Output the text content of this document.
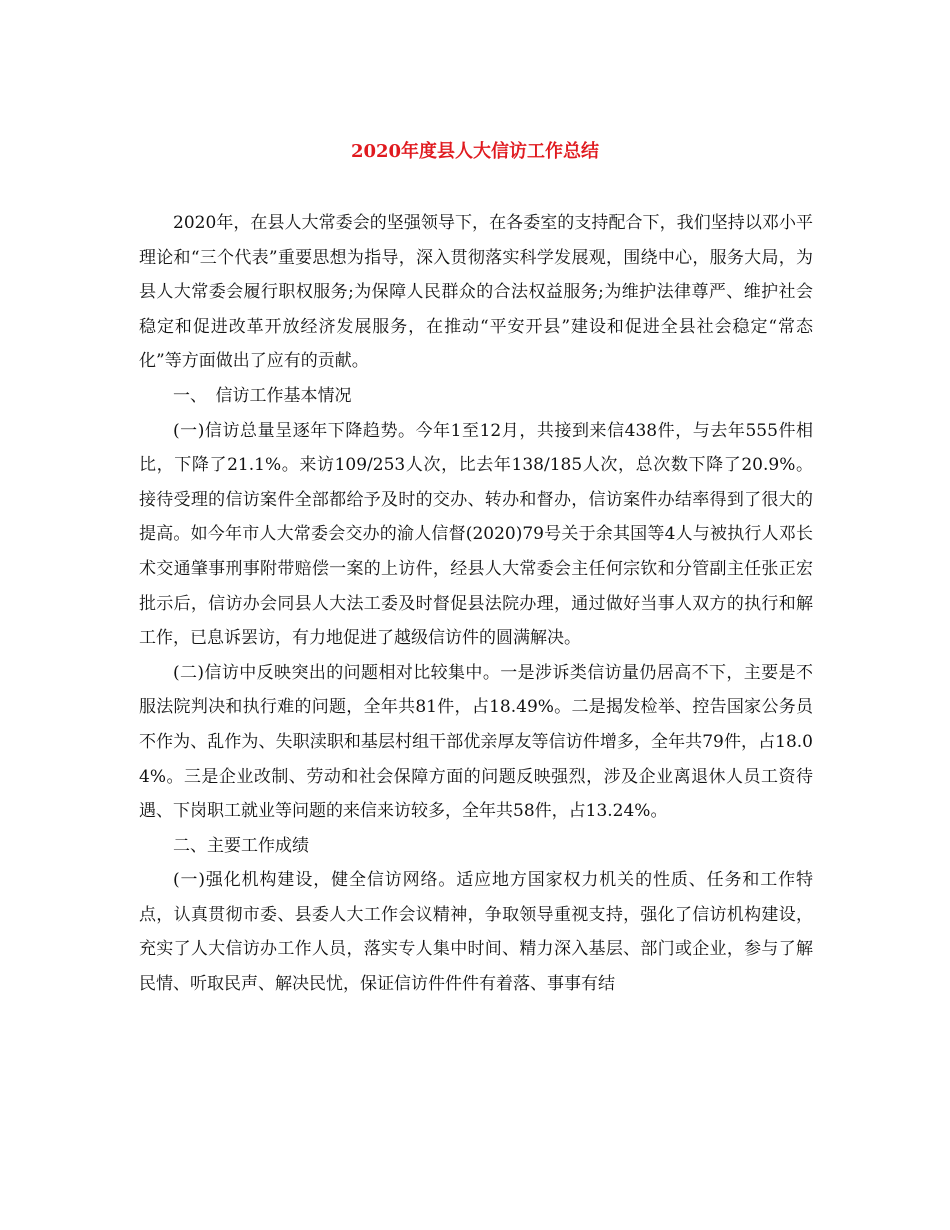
2020年度县人大信访工作总结

2020年，在县人大常委会的坚强领导下，在各委室的支持配合下，我们坚持以邓小平理论和“三个代表”重要思想为指导，深入贯彻落实科学发展观，围绕中心，服务大局，为县人大常委会履行职权服务;为保障人民群众的合法权益服务;为维护法律尊严、维护社会稳定和促进改革开放经济发展服务，在推动“平安开县”建设和促进全县社会稳定“常态化”等方面做出了应有的贡献。

一、　信访工作基本情况

(一)信访总量呈逐年下降趋势。今年1至12月，共接到来信438件，与去年555件相比，下降了21.1%。来访109/253人次，比去年138/185人次，总次数下降了20.9%。接待受理的信访案件全部都给予及时的交办、转办和督办，信访案件办结率得到了很大的提高。如今年市人大常委会交办的渝人信督(2020)79号关于余其国等4人与被执行人邓长术交通肇事刑事附带赔偿一案的上访件，经县人大常委会主任何宗钦和分管副主任张正宏批示后，信访办会同县人大法工委及时督促县法院办理，通过做好当事人双方的执行和解工作，已息诉罢访，有力地促进了越级信访件的圆满解决。

(二)信访中反映突出的问题相对比较集中。一是涉诉类信访量仍居高不下，主要是不服法院判决和执行难的问题，全年共81件，占18.49%。二是揭发检举、控告国家公务员不作为、乱作为、失职渎职和基层村组干部优亲厚友等信访件增多，全年共79件，占18.04%。三是企业改制、劳动和社会保障方面的问题反映强烈，涉及企业离退休人员工资待遇、下岗职工就业等问题的来信来访较多，全年共58件，占13.24%。

二、主要工作成绩

(一)强化机构建设，健全信访网络。适应地方国家权力机关的性质、任务和工作特点，认真贯彻市委、县委人大工作会议精神，争取领导重视支持，强化了信访机构建设，充实了人大信访办工作人员，落实专人集中时间、精力深入基层、部门或企业，参与了解民情、听取民声、解决民忧，保证信访件件件有着落、事事有结
